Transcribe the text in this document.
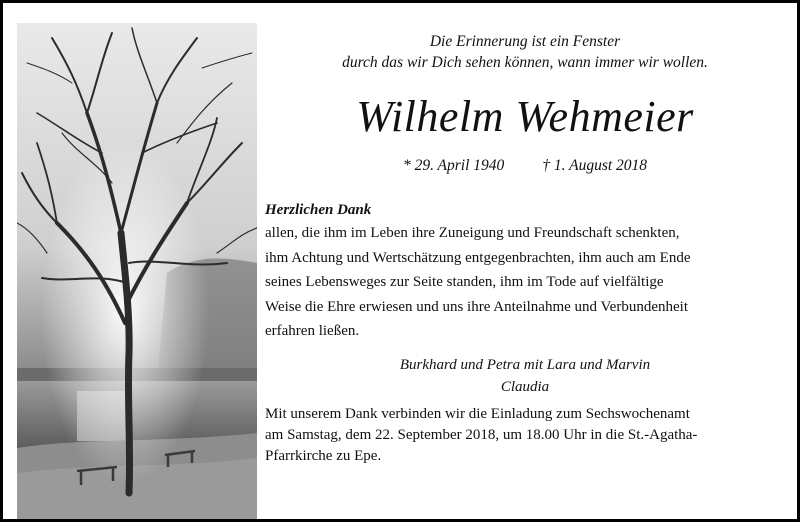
Die Erinnerung ist ein Fenster
durch das wir Dich sehen können, wann immer wir wollen.
Wilhelm Wehmeier
* 29. April 1940 † 1. August 2018
Herzlichen Dank
allen, die ihm im Leben ihre Zuneigung und Freundschaft schenkten,
ihm Achtung und Wertschätzung entgegenbrachten, ihm auch am Ende
seines Lebensweges zur Seite standen, ihm im Tode auf vielfältige
Weise die Ehre erwiesen und uns ihre Anteilnahme und Verbundenheit
erfahren ließen.
Burkhard und Petra mit Lara und Marvin
Claudia
Mit unserem Dank verbinden wir die Einladung zum Sechswochenamt
am Samstag, dem 22. September 2018, um 18.00 Uhr in die St.-Agatha-
Pfarrkirche zu Epe.
